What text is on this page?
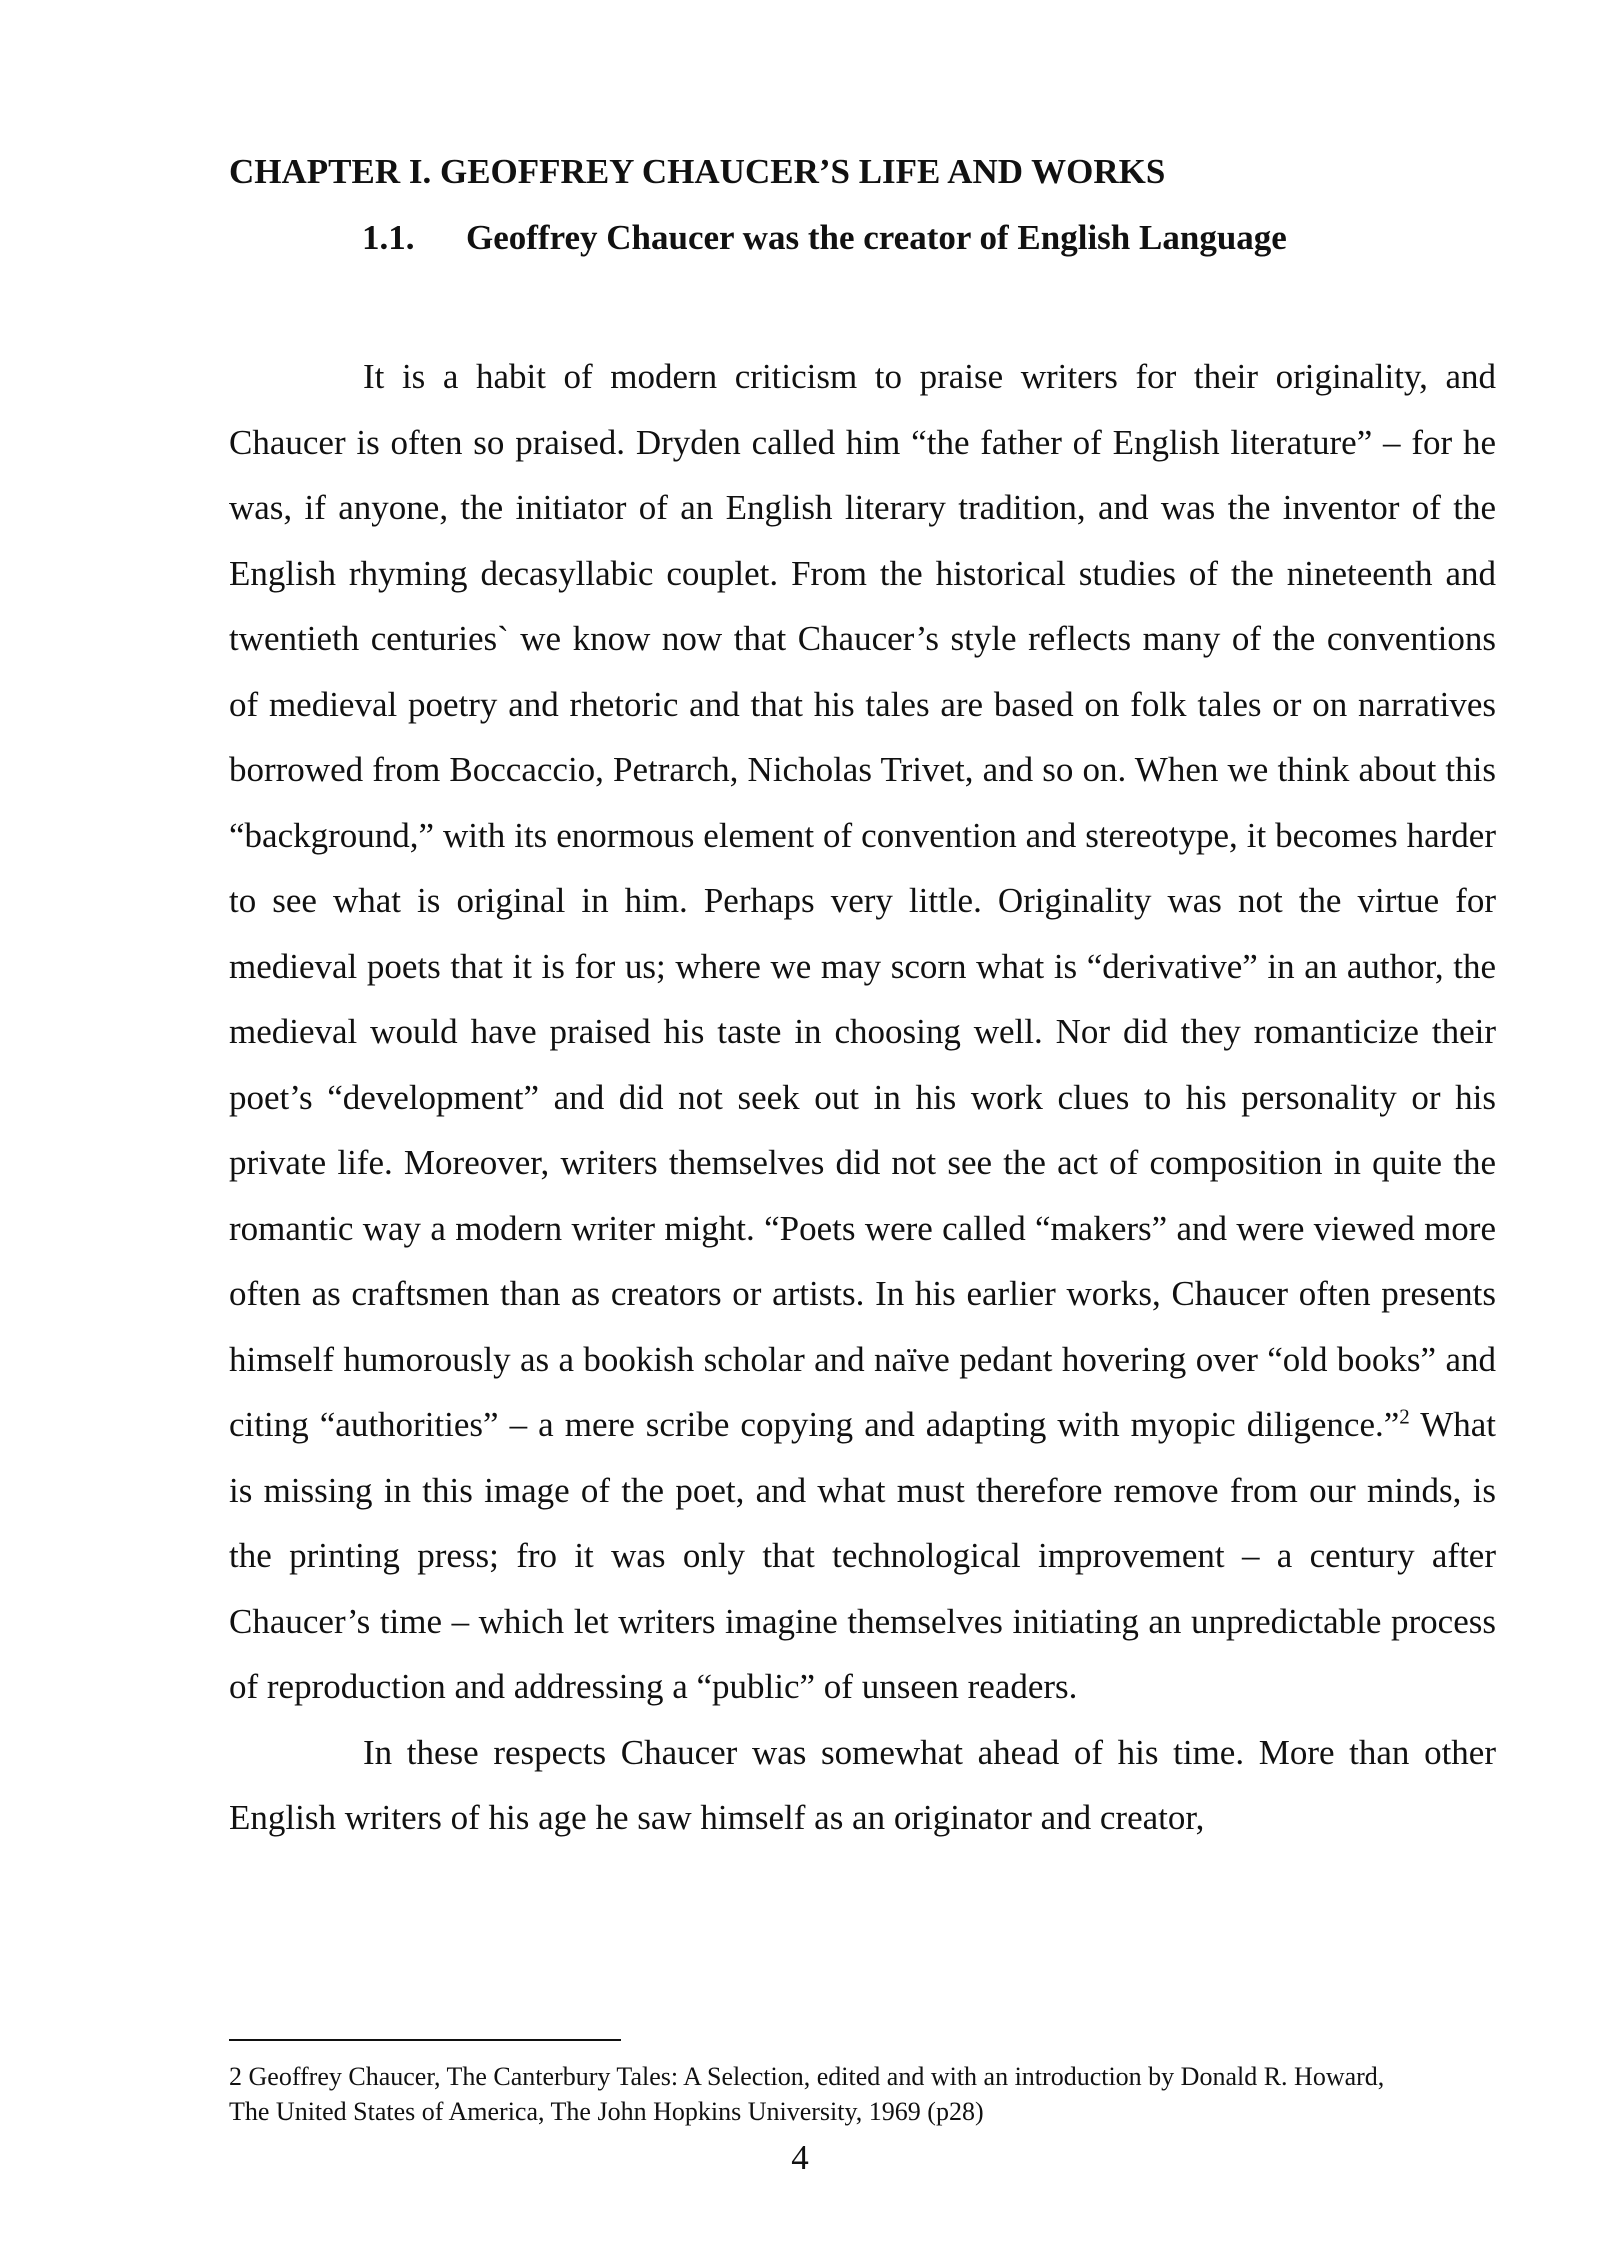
CHAPTER I. GEOFFREY CHAUCER’S LIFE AND WORKS
1.1. Geoffrey Chaucer was the creator of English Language

It is a habit of modern criticism to praise writers for their originality, and Chaucer is often so praised. Dryden called him “the father of English literature” – for he was, if anyone, the initiator of an English literary tradition, and was the inventor of the English rhyming decasyllabic couplet. From the historical studies of the nineteenth and twentieth centuries` we know now that Chaucer’s style reflects many of the conventions of medieval poetry and rhetoric and that his tales are based on folk tales or on narratives borrowed from Boccaccio, Petrarch, Nicholas Trivet, and so on. When we think about this “background,” with its enormous element of convention and stereotype, it becomes harder to see what is original in him. Perhaps very little. Originality was not the virtue for medieval poets that it is for us; where we may scorn what is “derivative” in an author, the medieval would have praised his taste in choosing well. Nor did they romanticize their poet’s “development” and did not seek out in his work clues to his personality or his private life. Moreover, writers themselves did not see the act of composition in quite the romantic way a modern writer might. “Poets were called “makers” and were viewed more often as craftsmen than as creators or artists. In his earlier works, Chaucer often presents himself humorously as a bookish scholar and naïve pedant hovering over “old books” and citing “authorities” – a mere scribe copying and adapting with myopic diligence.”$^2$ What is missing in this image of the poet, and what must therefore remove from our minds, is the printing press; fro it was only that technological improvement – a century after Chaucer’s time – which let writers imagine themselves initiating an unpredictable process of reproduction and addressing a “public” of unseen readers.

In these respects Chaucer was somewhat ahead of his time. More than other English writers of his age he saw himself as an originator and creator,

2 Geoffrey Chaucer, The Canterbury Tales: A Selection, edited and with an introduction by Donald R. Howard, The United States of America, The John Hopkins University, 1969 (p28)
4
